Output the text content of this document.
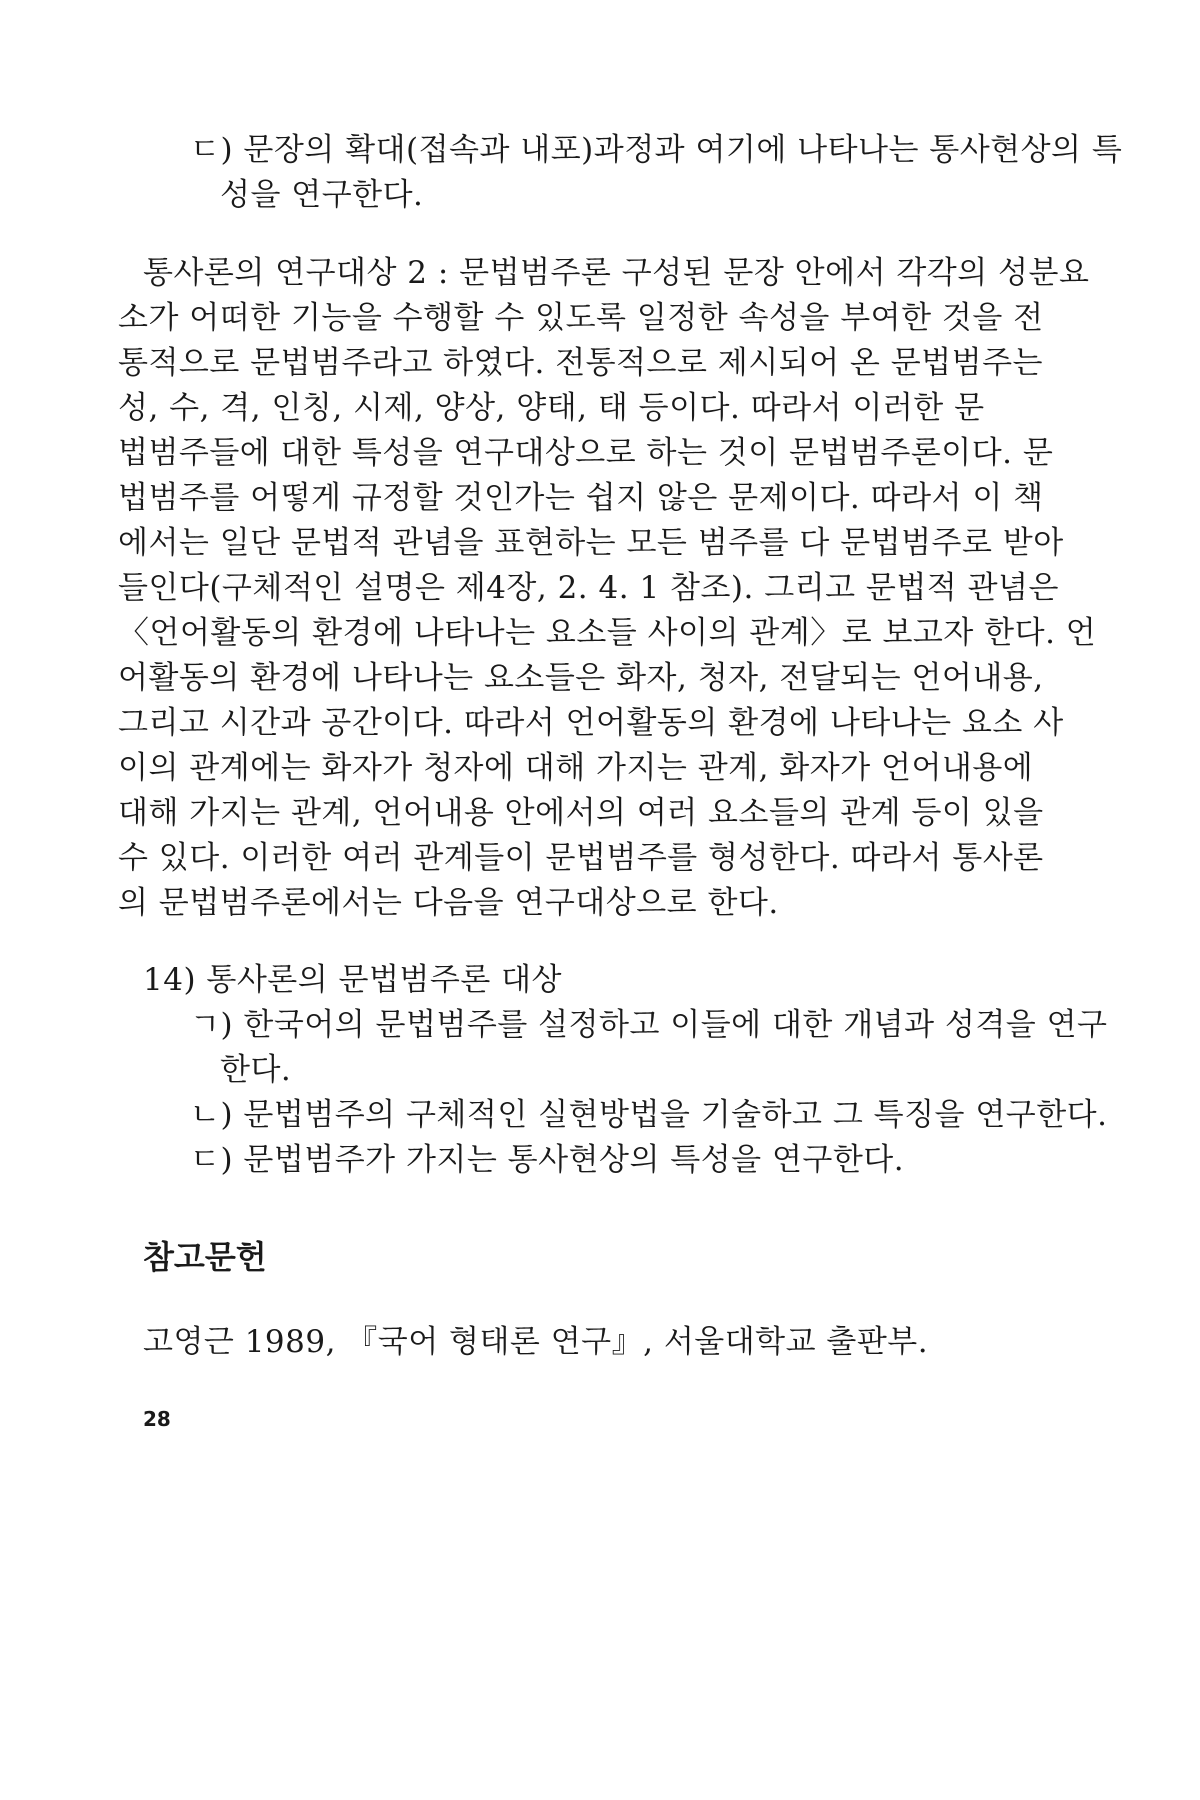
ㄷ) 문장의 확대(접속과 내포)과정과 여기에 나타나는 통사현상의 특
성을 연구한다.
통사론의 연구대상 2 : 문법범주론 구성된 문장 안에서 각각의 성분요
소가 어떠한 기능을 수행할 수 있도록 일정한 속성을 부여한 것을 전
통적으로 문법범주라고 하였다. 전통적으로 제시되어 온 문법범주는
성, 수, 격, 인칭, 시제, 양상, 양태, 태 등이다. 따라서 이러한 문
법범주들에 대한 특성을 연구대상으로 하는 것이 문법범주론이다. 문
법범주를 어떻게 규정할 것인가는 쉽지 않은 문제이다. 따라서 이 책
에서는 일단 문법적 관념을 표현하는 모든 범주를 다 문법범주로 받아
들인다(구체적인 설명은 제4장, 2. 4. 1 참조). 그리고 문법적 관념은
〈언어활동의 환경에 나타나는 요소들 사이의 관계〉로 보고자 한다. 언
어활동의 환경에 나타나는 요소들은 화자, 청자, 전달되는 언어내용,
그리고 시간과 공간이다. 따라서 언어활동의 환경에 나타나는 요소 사
이의 관계에는 화자가 청자에 대해 가지는 관계, 화자가 언어내용에
대해 가지는 관계, 언어내용 안에서의 여러 요소들의 관계 등이 있을
수 있다. 이러한 여러 관계들이 문법범주를 형성한다. 따라서 통사론
의 문법범주론에서는 다음을 연구대상으로 한다.
14) 통사론의 문법범주론 대상
ㄱ) 한국어의 문법범주를 설정하고 이들에 대한 개념과 성격을 연구
한다.
ㄴ) 문법범주의 구체적인 실현방법을 기술하고 그 특징을 연구한다.
ㄷ) 문법범주가 가지는 통사현상의 특성을 연구한다.
참고문헌
고영근 1989, 『국어 형태론 연구』, 서울대학교 출판부.
28
